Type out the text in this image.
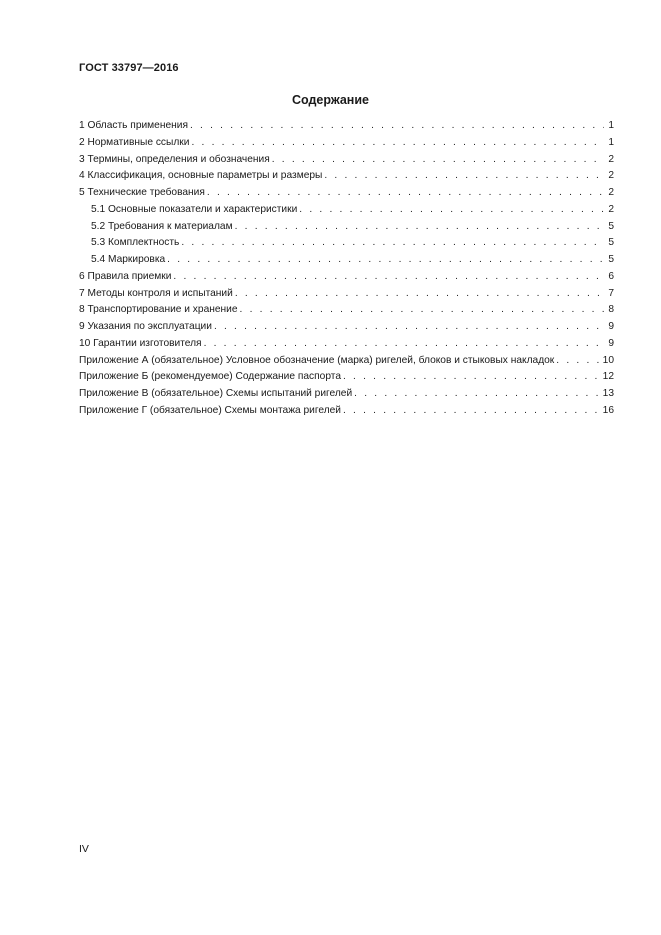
ГОСТ 33797—2016
Содержание
1 Область применения . . .	1
2 Нормативные ссылки . . .	1
3 Термины, определения и обозначения . . .	2
4 Классификация, основные параметры и размеры . . .	2
5 Технические требования . . .	2
5.1 Основные показатели и характеристики . . .	2
5.2 Требования к материалам . . .	5
5.3 Комплектность . . .	5
5.4 Маркировка . . .	5
6 Правила приемки . . .	6
7 Методы контроля и испытаний . . .	7
8 Транспортирование и хранение . . .	8
9 Указания по эксплуатации . . .	9
10 Гарантии изготовителя . . .	9
Приложение А (обязательное) Условное обозначение (марка) ригелей, блоков и стыковых накладок . . .	10
Приложение Б (рекомендуемое) Содержание паспорта . . .	12
Приложение В (обязательное) Схемы испытаний ригелей . . .	13
Приложение Г (обязательное) Схемы монтажа ригелей . . .	16
IV
